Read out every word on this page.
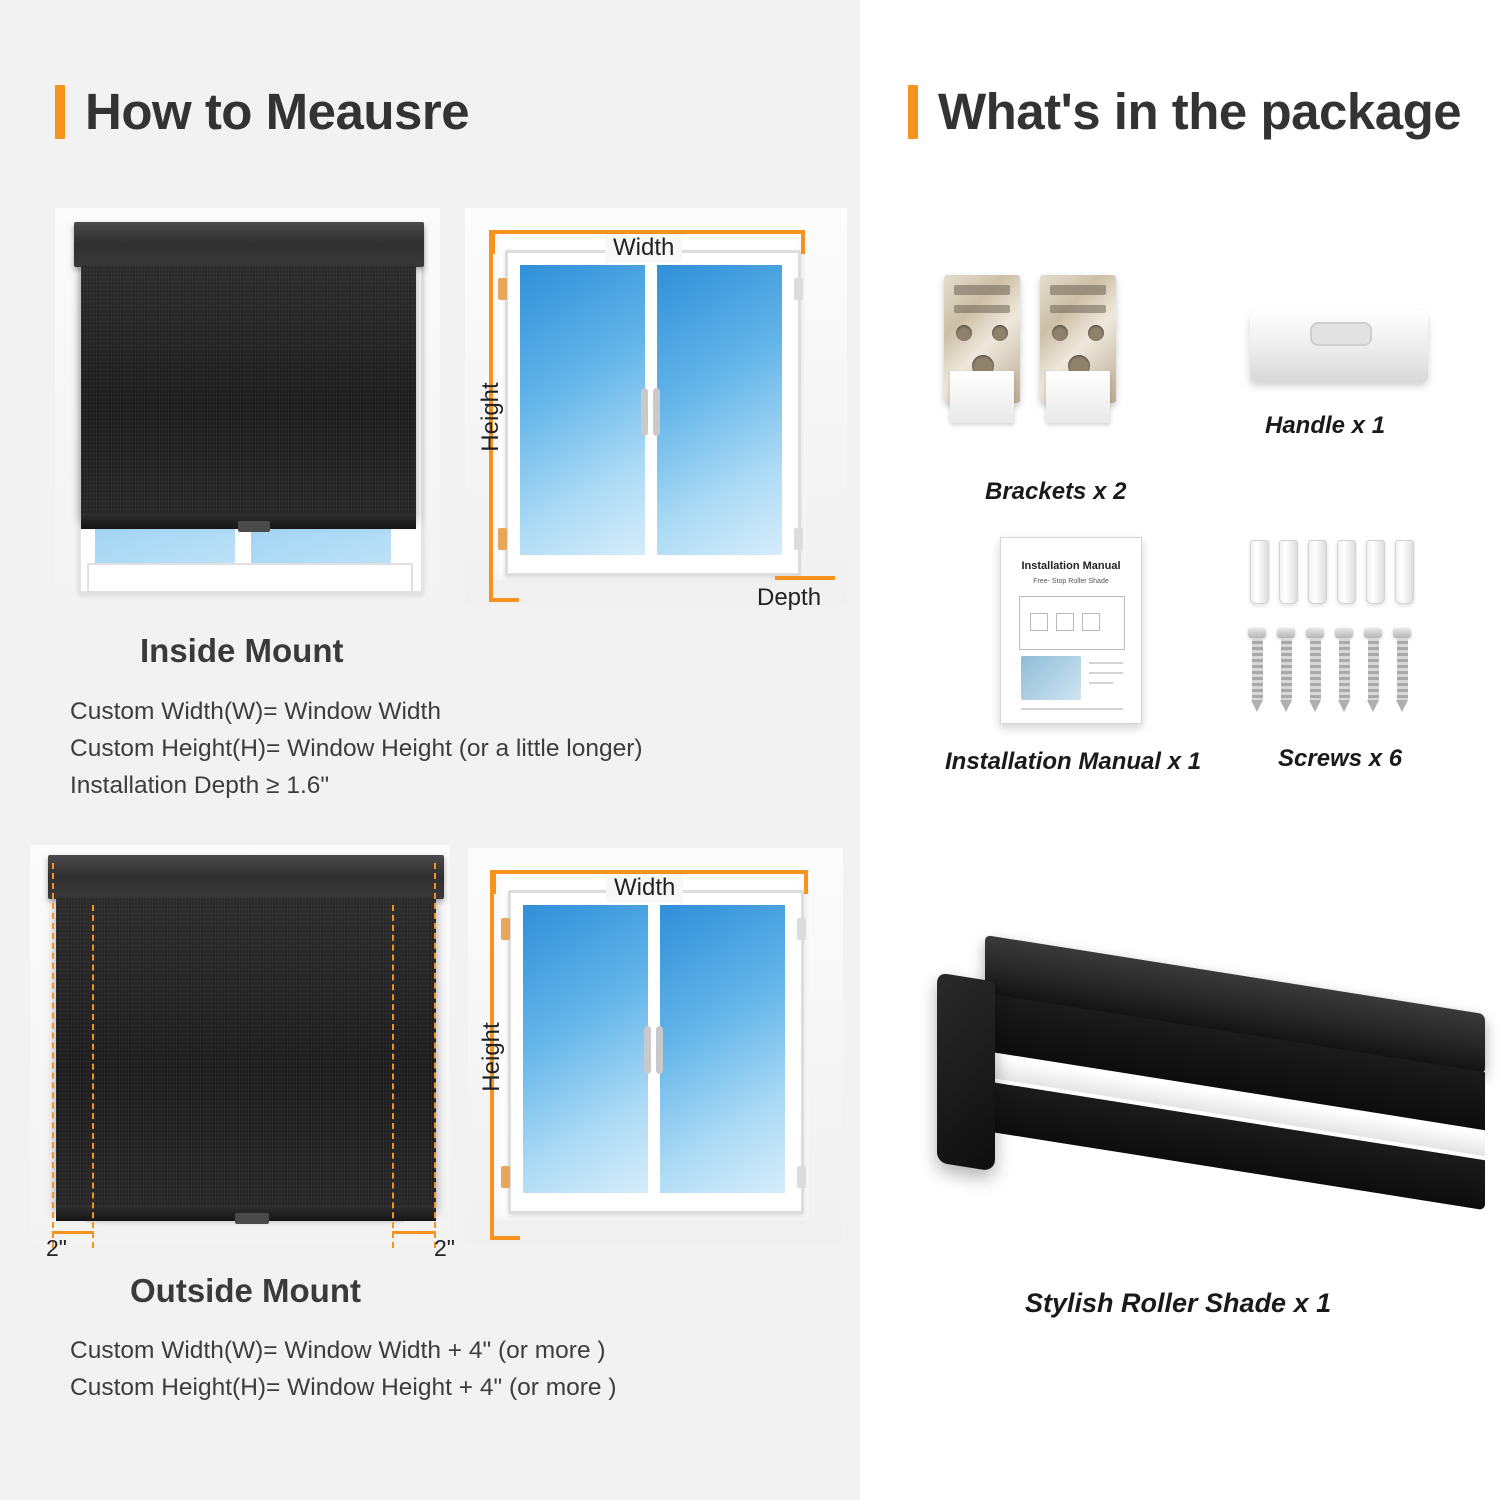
How to Meausre
Width
Height
Depth
Inside Mount
Custom Width(W)= Window Width
Custom Height(H)= Window Height (or a little longer)
Installation Depth ≥ 1.6"
2"	2"
Width
Height
Outside Mount
Custom Width(W)= Window Width + 4" (or more )
Custom Height(H)= Window Height + 4" (or more )
What's in the package
Brackets x 2
Handle x 1
Installation Manual
Free- Stop Roller Shade
Installation Manual x 1	Screws x 6
Stylish Roller Shade x 1
